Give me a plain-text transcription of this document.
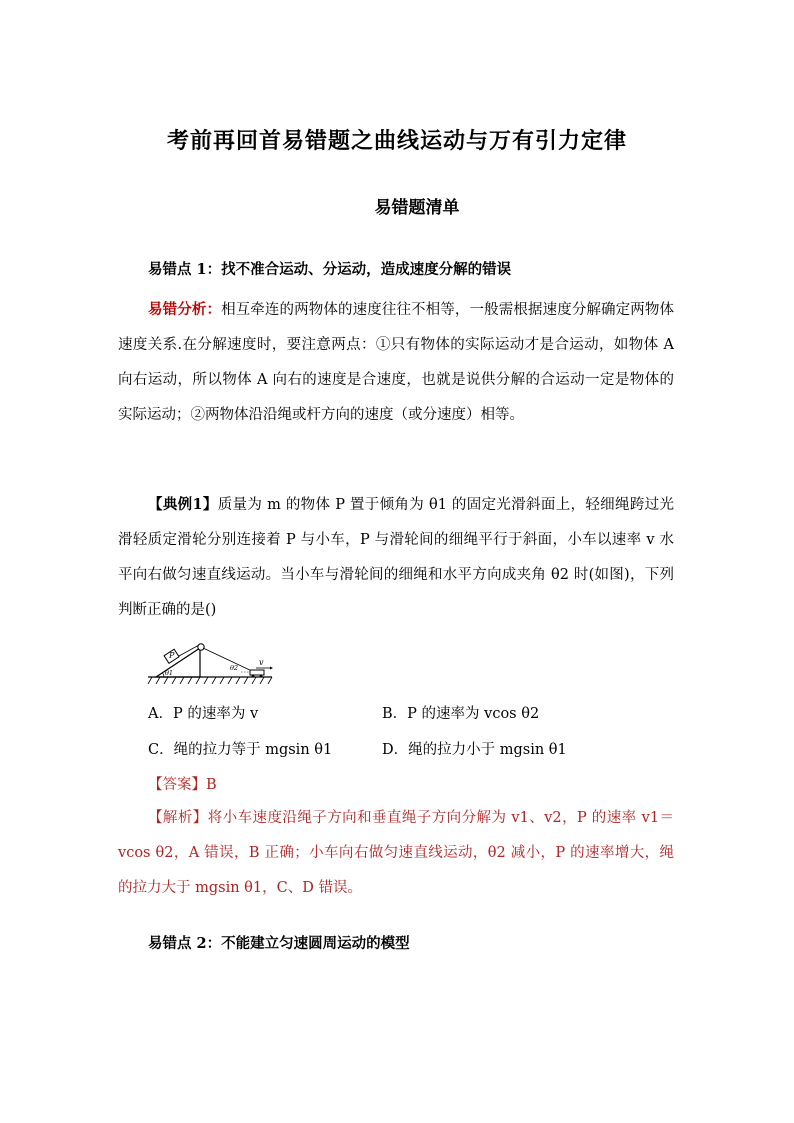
考前再回首易错题之曲线运动与万有引力定律
易错题清单
易错点 1：找不准合运动、分运动，造成速度分解的错误

易错分析：相互牵连的两物体的速度往往不相等，一般需根据速度分解确定两物体速度关系.在分解速度时，要注意两点：①只有物体的实际运动才是合运动，如物体 A 向右运动，所以物体 A 向右的速度是合速度，也就是说供分解的合运动一定是物体的实际运动；②两物体沿沿绳或杆方向的速度（或分速度）相等。

【典例1】质量为 m 的物体 P 置于倾角为 θ1 的固定光滑斜面上，轻细绳跨过光滑轻质定滑轮分别连接着 P 与小车，P 与滑轮间的细绳平行于斜面，小车以速率 v 水平向右做匀速直线运动。当小车与滑轮间的细绳和水平方向成夹角 θ2 时(如图)，下列判断正确的是()

P
v
θ1
θ2
A．P 的速率为 v	B．P 的速率为 vcos θ2
C．绳的拉力等于 mgsin θ1	D．绳的拉力小于 mgsin θ1
【答案】B

【解析】将小车速度沿绳子方向和垂直绳子方向分解为 v1、v2，P 的速率 v1＝vcos θ2，A 错误，B 正确；小车向右做匀速直线运动，θ2 减小，P 的速率增大，绳的拉力大于 mgsin θ1，C、D 错误。

易错点 2：不能建立匀速圆周运动的模型
